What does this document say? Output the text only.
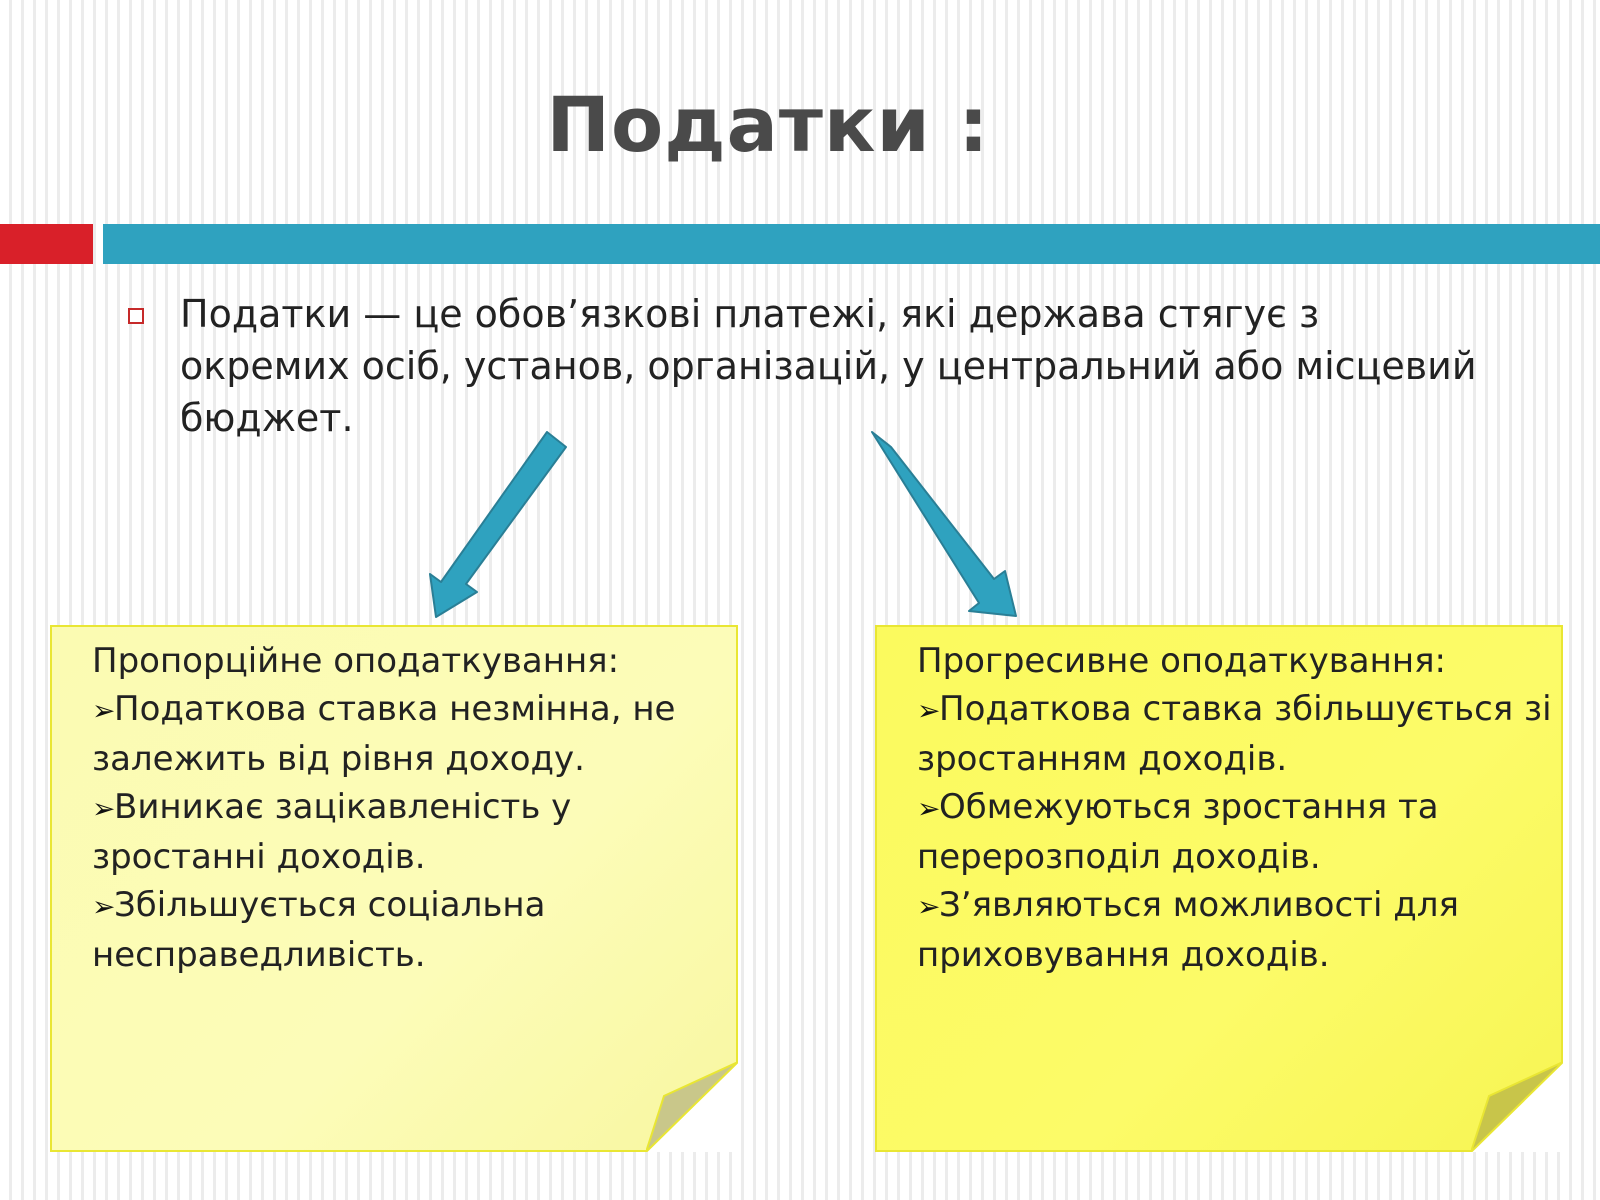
Податки :
Податки — це обов’язкові платежі, які держава стягує з окремих осіб, установ, організацій, у центральний або місцевий бюджет.

Пропорційне оподаткування:

➢Податкова ставка незмінна, не залежить від рівня доходу.

➢Виникає зацікавленість у зростанні доходів.

➢Збільшується соціальна несправедливість.

Прогресивне оподаткування:

➢Податкова ставка збільшується зі зростанням доходів.

➢Обмежуються зростання та перерозподіл доходів.

➢З’являються можливості для приховування доходів.
